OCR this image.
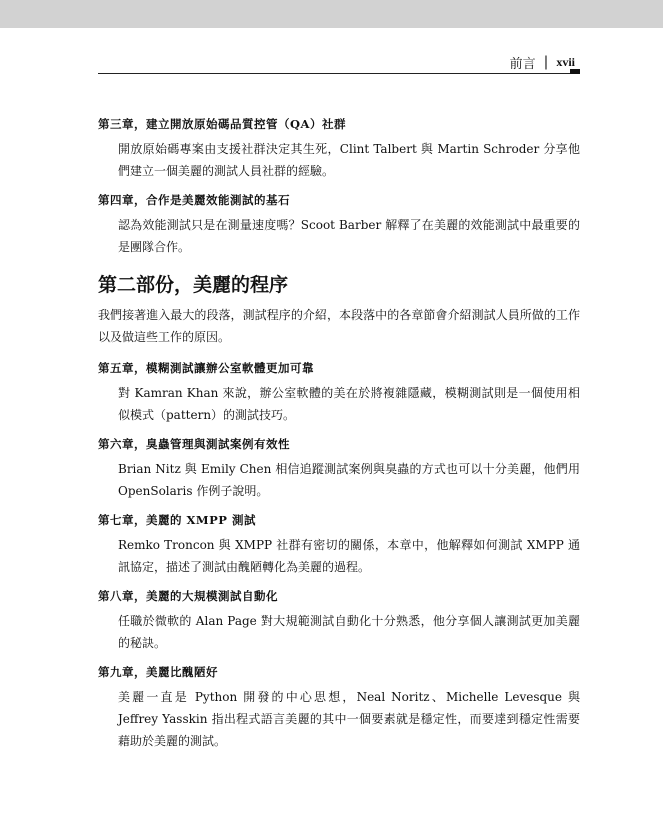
前言 | xvii
第三章，建立開放原始碼品質控管（QA）社群
開放原始碼專案由支援社群決定其生死，Clint Talbert 與 Martin Schroder 分享他們建立一個美麗的測試人員社群的經驗。
第四章，合作是美麗效能測試的基石
認為效能測試只是在測量速度嗎？Scoot Barber 解釋了在美麗的效能測試中最重要的是團隊合作。
第二部份，美麗的程序
我們接著進入最大的段落，測試程序的介紹，本段落中的各章節會介紹測試人員所做的工作以及做這些工作的原因。
第五章，模糊測試讓辦公室軟體更加可靠
對 Kamran Khan 來說，辦公室軟體的美在於將複雜隱藏，模糊測試則是一個使用相似模式（pattern）的測試技巧。
第六章，臭蟲管理與測試案例有效性
Brian Nitz 與 Emily Chen 相信追蹤測試案例與臭蟲的方式也可以十分美麗，他們用 OpenSolaris 作例子說明。
第七章，美麗的 XMPP 測試
Remko Troncon 與 XMPP 社群有密切的關係，本章中，他解釋如何測試 XMPP 通訊協定，描述了測試由醜陋轉化為美麗的過程。
第八章，美麗的大規模測試自動化
任職於微軟的 Alan Page 對大規範測試自動化十分熟悉，他分享個人讓測試更加美麗的秘訣。
第九章，美麗比醜陋好
美麗一直是 Python 開發的中心思想，Neal Noritz、Michelle Levesque 與 Jeffrey Yasskin 指出程式語言美麗的其中一個要素就是穩定性，而要達到穩定性需要藉助於美麗的測試。
